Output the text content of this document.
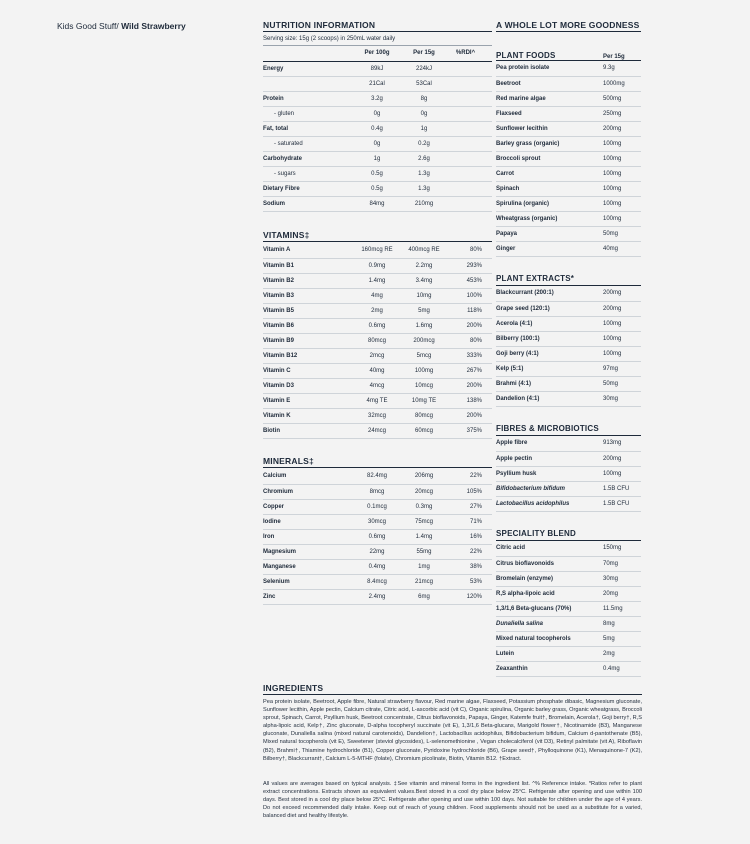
Kids Good Stuff/ Wild Strawberry	NUTRITION INFORMATION
Serving size: 15g (2 scoops) in 250mL water daily
	Per 100g	Per 15g	%RDI^
Energy	89kJ	224kJ	
	21Cal	53Cal	
Protein	3.2g	8g	
- gluten	0g	0g	
Fat, total	0.4g	1g	
- saturated	0g	0.2g	
Carbohydrate	1g	2.6g	
- sugars	0.5g	1.3g	
Dietary Fibre	0.5g	1.3g	
Sodium	84mg	210mg	
VITAMINS‡
Vitamin A	160mcg RE	400mcg RE	80%
Vitamin B1	0.9mg	2.2mg	293%
Vitamin B2	1.4mg	3.4mg	453%
Vitamin B3	4mg	10mg	100%
Vitamin B5	2mg	5mg	118%
Vitamin B6	0.6mg	1.6mg	200%
Vitamin B9	80mcg	200mcg	80%
Vitamin B12	2mcg	5mcg	333%
Vitamin C	40mg	100mg	267%
Vitamin D3	4mcg	10mcg	200%
Vitamin E	4mg TE	10mg TE	138%
Vitamin K	32mcg	80mcg	200%
Biotin	24mcg	60mcg	375%
MINERALS‡
Calcium	82.4mg	206mg	22%
Chromium	8mcg	20mcg	105%
Copper	0.1mcg	0.3mg	27%
Iodine	30mcg	75mcg	71%
Iron	0.6mg	1.4mg	16%
Magnesium	22mg	55mg	22%
Manganese	0.4mg	1mg	38%
Selenium	8.4mcg	21mcg	53%
Zinc	2.4mg	6mg	120%
A WHOLE LOT MORE GOODNESS
PLANT FOODS	Per 15g
Pea protein isolate	9.3g
Beetroot	1000mg
Red marine algae	500mg
Flaxseed	250mg
Sunflower lecithin	200mg
Barley grass (organic)	100mg
Broccoli sprout	100mg
Carrot	100mg
Spinach	100mg
Spirulina (organic)	100mg
Wheatgrass (organic)	100mg
Papaya	50mg
Ginger	40mg
PLANT EXTRACTS*
Blackcurrant (200:1)	200mg
Grape seed (120:1)	200mg
Acerola (4:1)	100mg
Bilberry (100:1)	100mg
Goji berry (4:1)	100mg
Kelp (5:1)	97mg
Brahmi (4:1)	50mg
Dandelion (4:1)	30mg
FIBRES & MICROBIOTICS
Apple fibre	913mg
Apple pectin	200mg
Psyllium husk	100mg
Bifidobacterium bifidum	1.5B CFU
Lactobacillus acidophilus	1.5B CFU
SPECIALITY BLEND
Citric acid	150mg
Citrus bioflavonoids	70mg
Bromelain (enzyme)	30mg
R,S alpha-lipoic acid	20mg
1,3/1,6 Beta-glucans (70%)	11.5mg
Dunaliella salina	8mg
Mixed natural tocopherols	5mg
Lutein	2mg
Zeaxanthin	0.4mg
INGREDIENTS

Pea protein isolate, Beetroot, Apple fibre, Natural strawberry flavour, Red marine algae, Flaxseed, Potassium phosphate dibasic, Magnesium gluconate, Sunflower lecithin, Apple pectin, Calcium citrate, Citric acid, L-ascorbic acid (vit C), Organic spirulina, Organic barley grass, Organic wheatgrass, Broccoli sprout, Spinach, Carrot, Psyllium husk, Beetroot concentrate, Citrus bioflavonoids, Papaya, Ginger, Katemfe fruit†, Bromelain, Acerola†, Goji berry†, R,S alpha-lipoic acid, Kelp†, Zinc gluconate, D-alpha tocopheryl succinate (vit E), 1,3/1,6 Beta-glucans, Marigold flower†, Nicotinamide (B3), Manganese gluconate, Dunaliella salina (mixed natural carotenoids), Dandelion†, Lactobacillus acidophilus, Bifidobacterium bifidum, Calcium d-pantothenate (B5), Mixed natural tocopherols (vit E), Sweetener (steviol glycosides), L-selenomethionine , Vegan cholecalciferol (vit D3), Retinyl palmitate (vit A), Riboflavin (B2), Brahmi†, Thiamine hydrochloride (B1), Copper gluconate, Pyridoxine hydrochloride (B6), Grape seed†, Phylloquinone (K1), Menaquinone-7 (K2), Bilberry†, Blackcurrant†, Calcium L-5-MTHF (folate), Chromium picolinate, Biotin, Vitamin B12. †Extract.

All values are averages based on typical analysis. ‡See vitamin and mineral forms in the ingredient list. ^% Reference intake. *Ratios refer to plant extract concentrations. Extracts shown as equivalent values.Best stored in a cool dry place below 25°C. Refrigerate after opening and use within 100 days. Best stored in a cool dry place below 25°C. Refrigerate after opening and use within 100 days. Not suitable for children under the age of 4 years. Do not exceed recommended daily intake. Keep out of reach of young children. Food supplements should not be used as a substitute for a varied, balanced diet and healthy lifestyle.
